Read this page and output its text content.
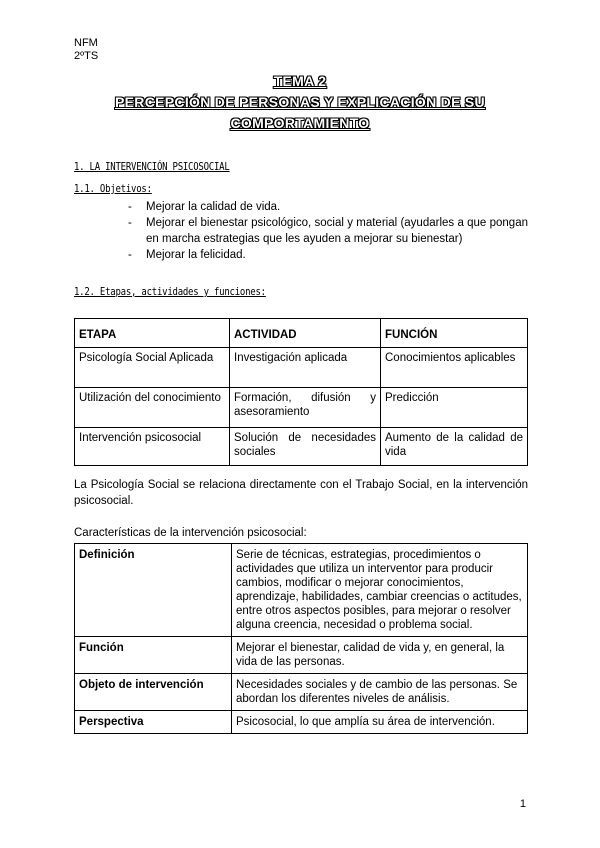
NFM
2ºTS
TEMA 2
PERCEPCIÓN DE PERSONAS Y EXPLICACIÓN DE SU
COMPORTAMIENTO
1. LA INTERVENCIÓN PSICOSOCIAL
1.1. Objetivos:
- Mejorar la calidad de vida.
- Mejorar el bienestar psicológico, social y material (ayudarles a que pongan en marcha estrategias que les ayuden a mejorar su bienestar)
- Mejorar la felicidad.
1.2. Etapas, actividades y funciones:
ETAPA	ACTIVIDAD	FUNCIÓN
Psicología Social Aplicada	Investigación aplicada	Conocimientos aplicables
Utilización del conocimiento	Formación, difusión y asesoramiento	Predicción
Intervención psicosocial	Solución de necesidades sociales	Aumento de la calidad de vida
La Psicología Social se relaciona directamente con el Trabajo Social, en la intervención psicosocial.
Características de la intervención psicosocial:
Definición	Serie de técnicas, estrategias, procedimientos o actividades que utiliza un interventor para producir cambios, modificar o mejorar conocimientos, aprendizaje, habilidades, cambiar creencias o actitudes, entre otros aspectos posibles, para mejorar o resolver alguna creencia, necesidad o problema social.
Función	Mejorar el bienestar, calidad de vida y, en general, la vida de las personas.
Objeto de intervención	Necesidades sociales y de cambio de las personas. Se abordan los diferentes niveles de análisis.
Perspectiva	Psicosocial, lo que amplía su área de intervención.
1
